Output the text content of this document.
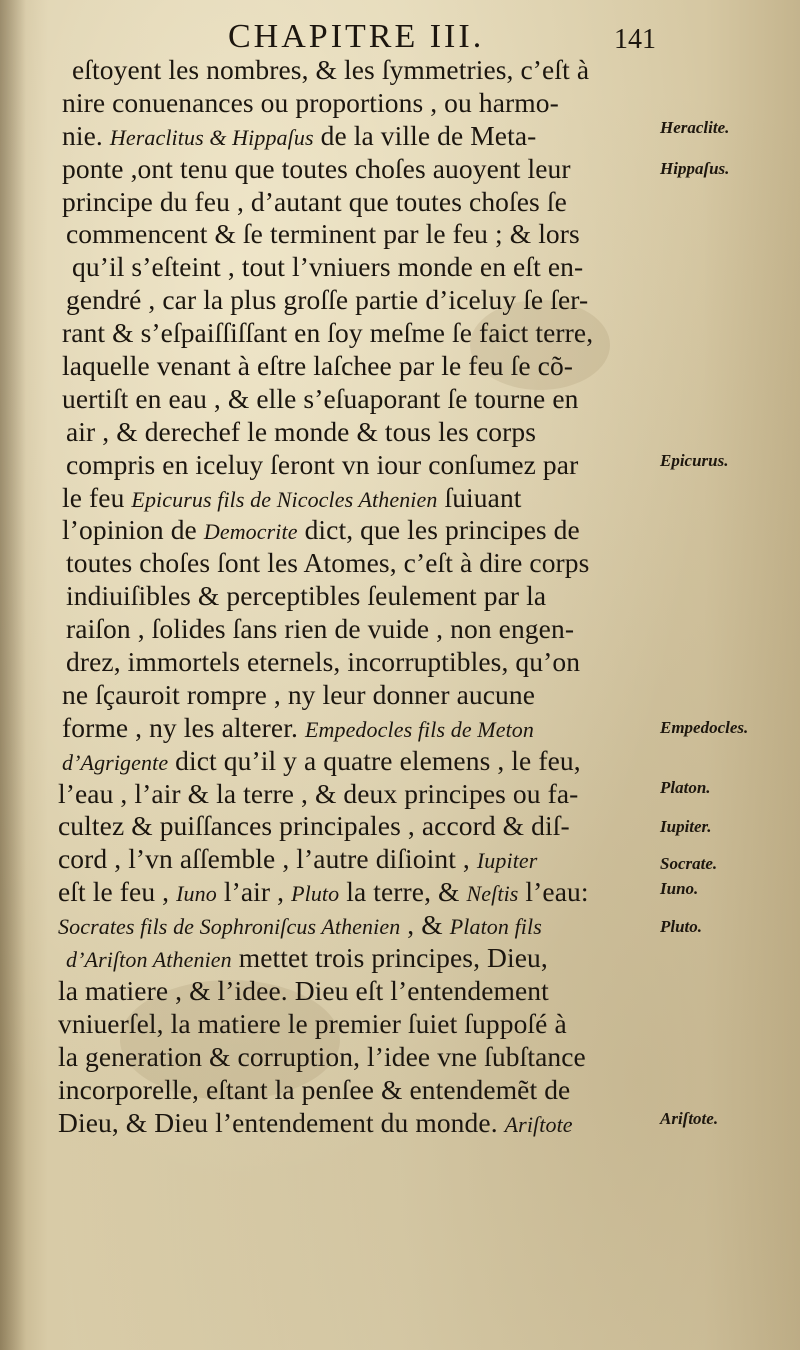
CHAPITRE III.	141
eſtoyent les nombres, & les ſymmetries, c’eſt à
nire conuenances ou proportions , ou harmo-
nie. Heraclitus & Hippaſus de la ville de Meta-
ponte ,ont tenu que toutes choſes auoyent leur
principe du feu , d’autant que toutes choſes ſe
commencent & ſe terminent par le feu ; & lors
qu’il s’eſteint , tout l’vniuers monde en eſt en-
gendré , car la plus groſſe partie d’iceluy ſe ſer-
rant & s’eſpaiſſiſſant en ſoy meſme ſe faict terre,
laquelle venant à eſtre laſchee par le feu ſe cõ-
uertiſt en eau , & elle s’eſuaporant ſe tourne en
air , & derechef le monde & tous les corps
compris en iceluy ſeront vn iour conſumez par
le feu Epicurus fils de Nicocles Athenien ſuiuant
l’opinion de Democrite dict, que les principes de
toutes choſes ſont les Atomes, c’eſt à dire corps
indiuiſibles & perceptibles ſeulement par la
raiſon , ſolides ſans rien de vuide , non engen-
drez, immortels eternels, incorruptibles, qu’on
ne ſçauroit rompre , ny leur donner aucune
forme , ny les alterer. Empedocles fils de Meton
d’Agrigente dict qu’il y a quatre elemens , le feu,
l’eau , l’air & la terre , & deux principes ou fa-
cultez & puiſſances principales , accord & diſ-
cord , l’vn aſſemble , l’autre diſioint , Iupiter
eſt le feu , Iuno l’air , Pluto la terre, & Neſtis l’eau:
Socrates fils de Sophroniſcus Athenien , & Platon fils
d’Ariſton Athenien mettet trois principes, Dieu,
la matiere , & l’idee. Dieu eſt l’entendement
vniuerſel, la matiere le premier ſuiet ſuppoſé à
la generation & corruption, l’idee vne ſubſtance
incorporelle, eſtant la penſee & entendemẽt de
Dieu, & Dieu l’entendement du monde. Ariſtote
Heraclite.
Hippaſus.
Epicurus.
Empedocles.
Platon.
Iupiter.
Socrate.
Iuno.
Pluto.
Ariſtote.
